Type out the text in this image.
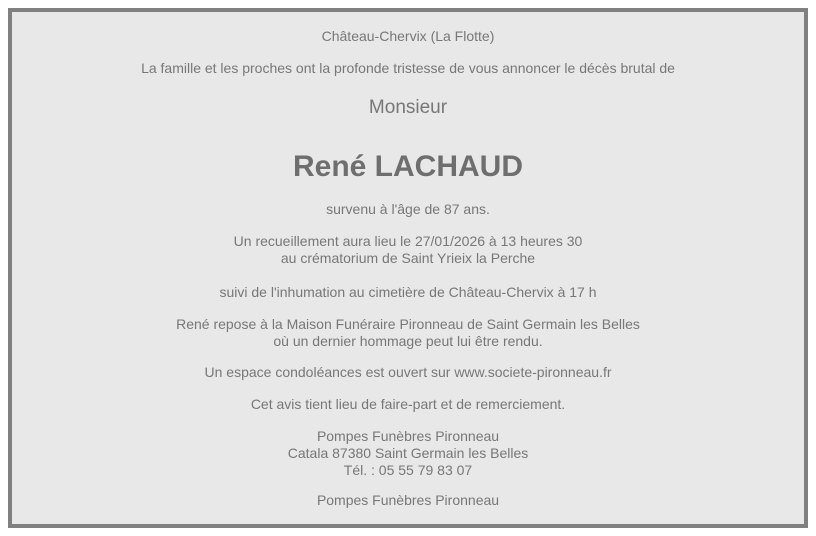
Château-Chervix (La Flotte)
La famille et les proches ont la profonde tristesse de vous annoncer le décès brutal de
Monsieur
René LACHAUD
survenu à l'âge de 87 ans.
Un recueillement aura lieu le 27/01/2026 à 13 heures 30
au crématorium de Saint Yrieix la Perche
suivi de l'inhumation au cimetière de Château-Chervix à 17 h
René repose à la Maison Funéraire Pironneau de Saint Germain les Belles
où un dernier hommage peut lui être rendu.
Un espace condoléances est ouvert sur www.societe-pironneau.fr
Cet avis tient lieu de faire-part et de remerciement.
Pompes Funèbres Pironneau
Catala 87380 Saint Germain les Belles
Tél. : 05 55 79 83 07
Pompes Funèbres Pironneau
